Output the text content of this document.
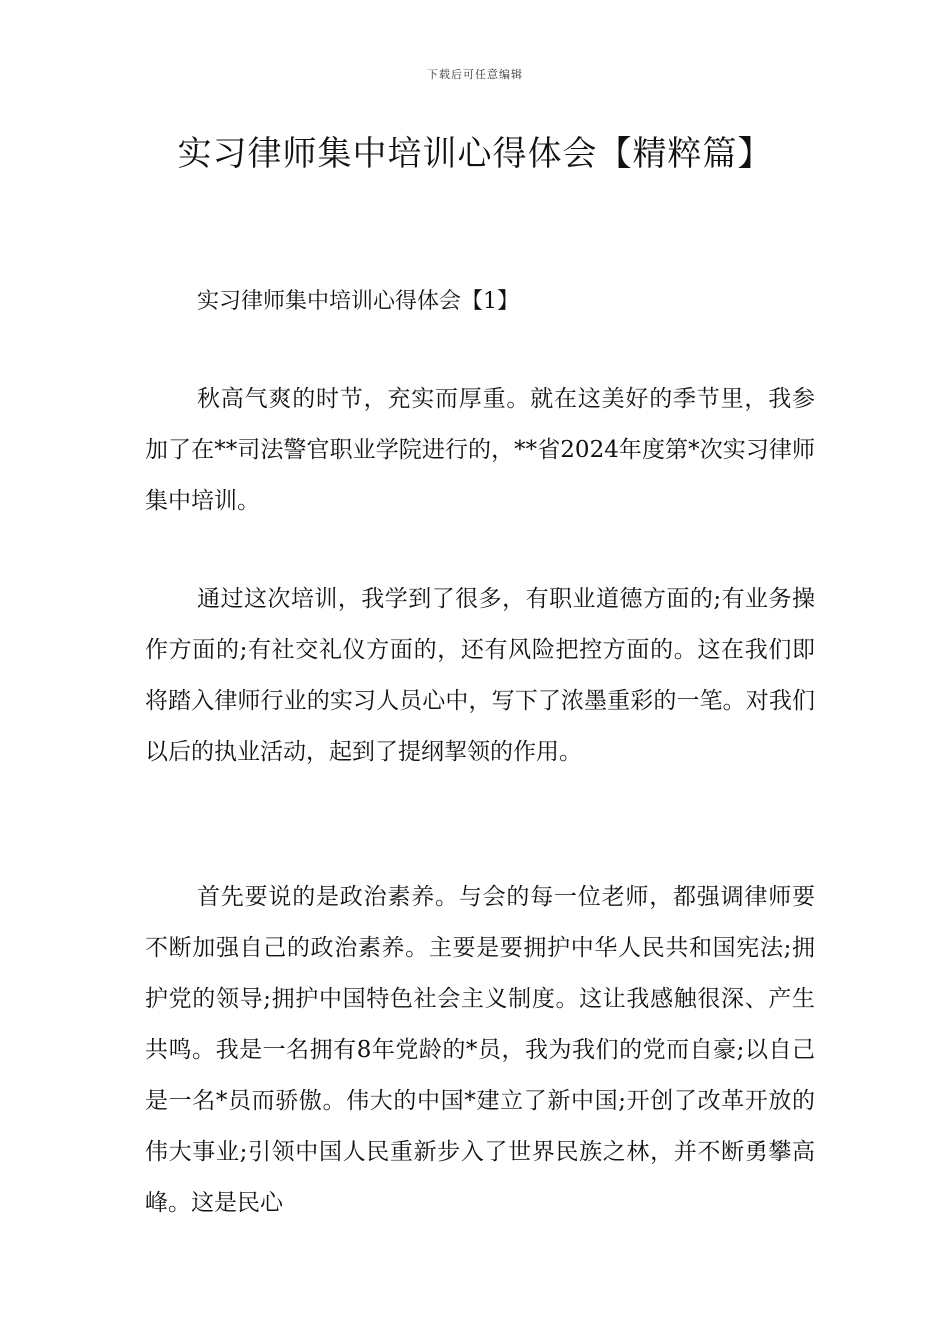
下载后可任意编辑
实习律师集中培训心得体会【精粹篇】
实习律师集中培训心得体会【1】

秋高气爽的时节，充实而厚重。就在这美好的季节里，我参加了在**司法警官职业学院进行的，**省2024年度第*次实习律师集中培训。

通过这次培训，我学到了很多，有职业道德方面的;有业务操作方面的;有社交礼仪方面的，还有风险把控方面的。这在我们即将踏入律师行业的实习人员心中，写下了浓墨重彩的一笔。对我们以后的执业活动，起到了提纲挈领的作用。

首先要说的是政治素养。与会的每一位老师，都强调律师要不断加强自己的政治素养。主要是要拥护中华人民共和国宪法;拥护党的领导;拥护中国特色社会主义制度。这让我感触很深、产生共鸣。我是一名拥有8年党龄的*员，我为我们的党而自豪;以自己是一名*员而骄傲。伟大的中国*建立了新中国;开创了改革开放的伟大事业;引领中国人民重新步入了世界民族之林，并不断勇攀高峰。这是民心
